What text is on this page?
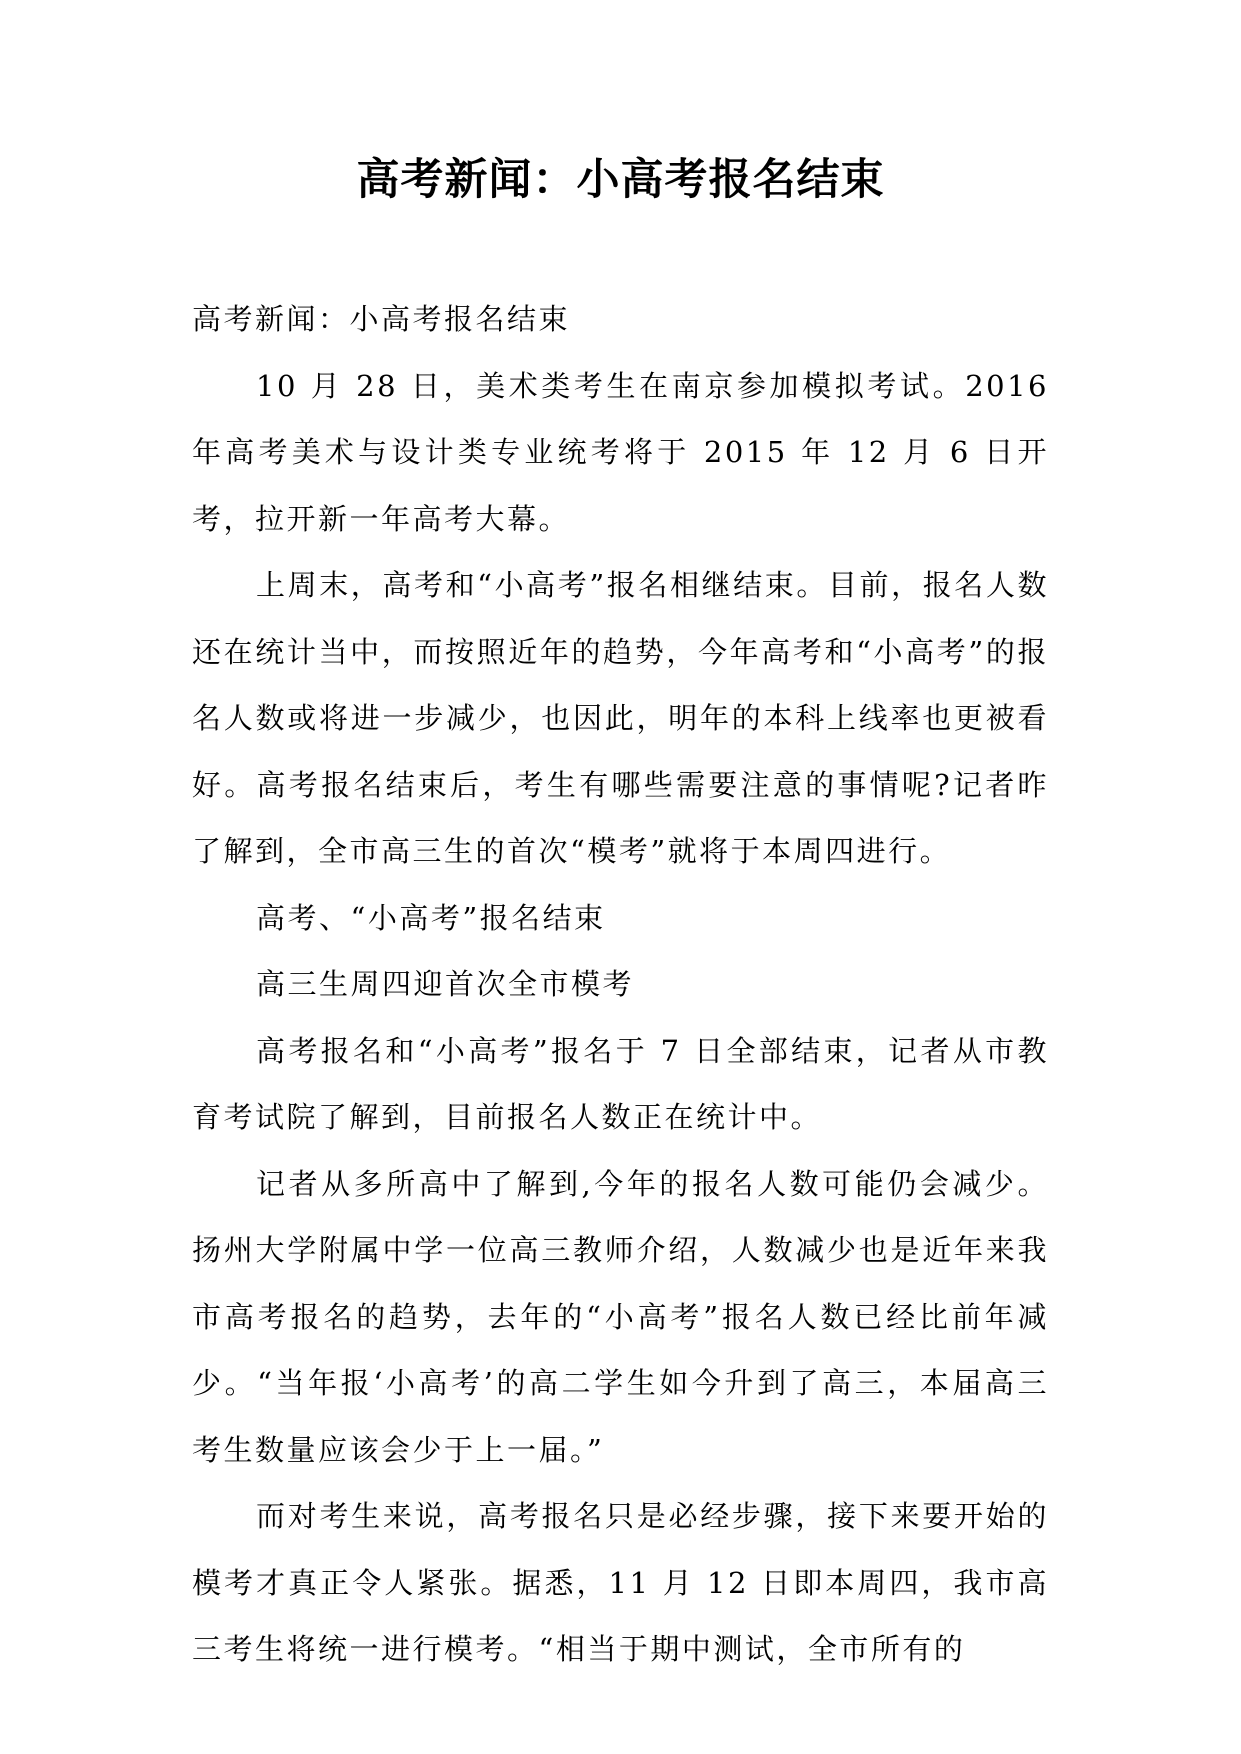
高考新闻：小高考报名结束

高考新闻：小高考报名结束

10 月 28 日，美术类考生在南京参加模拟考试。2016 年高考美术与设计类专业统考将于 2015 年 12 月 6 日开考，拉开新一年高考大幕。

上周末，高考和“小高考”报名相继结束。目前，报名人数还在统计当中，而按照近年的趋势，今年高考和“小高考”的报名人数或将进一步减少，也因此，明年的本科上线率也更被看好。高考报名结束后，考生有哪些需要注意的事情呢?记者昨了解到，全市高三生的首次“模考”就将于本周四进行。

高考、“小高考”报名结束

高三生周四迎首次全市模考

高考报名和“小高考”报名于 7 日全部结束，记者从市教育考试院了解到，目前报名人数正在统计中。

记者从多所高中了解到,今年的报名人数可能仍会减少。扬州大学附属中学一位高三教师介绍，人数减少也是近年来我市高考报名的趋势，去年的“小高考”报名人数已经比前年减少。“当年报‘小高考’的高二学生如今升到了高三，本届高三考生数量应该会少于上一届。”

而对考生来说，高考报名只是必经步骤，接下来要开始的模考才真正令人紧张。据悉，11 月 12 日即本周四，我市高三考生将统一进行模考。“相当于期中测试，全市所有的
